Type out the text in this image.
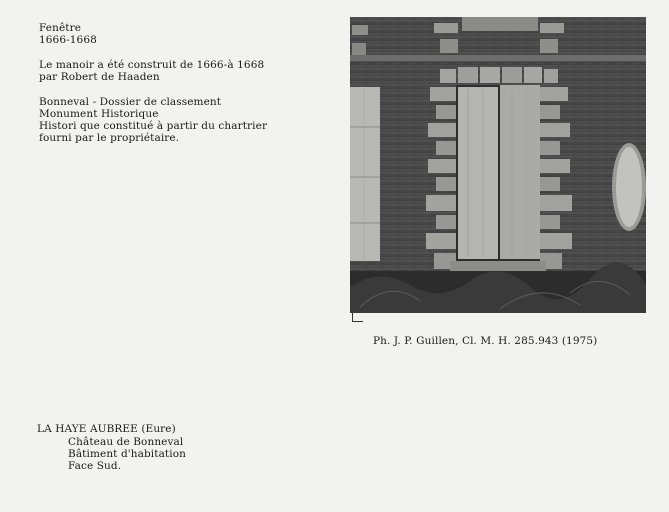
Fenêtre
1666-1668
Le manoir a été construit de 1666-à 1668
par Robert de Haaden
Bonneval - Dossier de classement
Monument Historique
Histori que constitué à partir du chartrier
fourni par le propriétaire.
Ph. J. P. Guillen, Cl. M. H. 285.943 (1975)
LA HAYE AUBREE (Eure)
Château de Bonneval
Bâtiment d'habitation
Face Sud.
